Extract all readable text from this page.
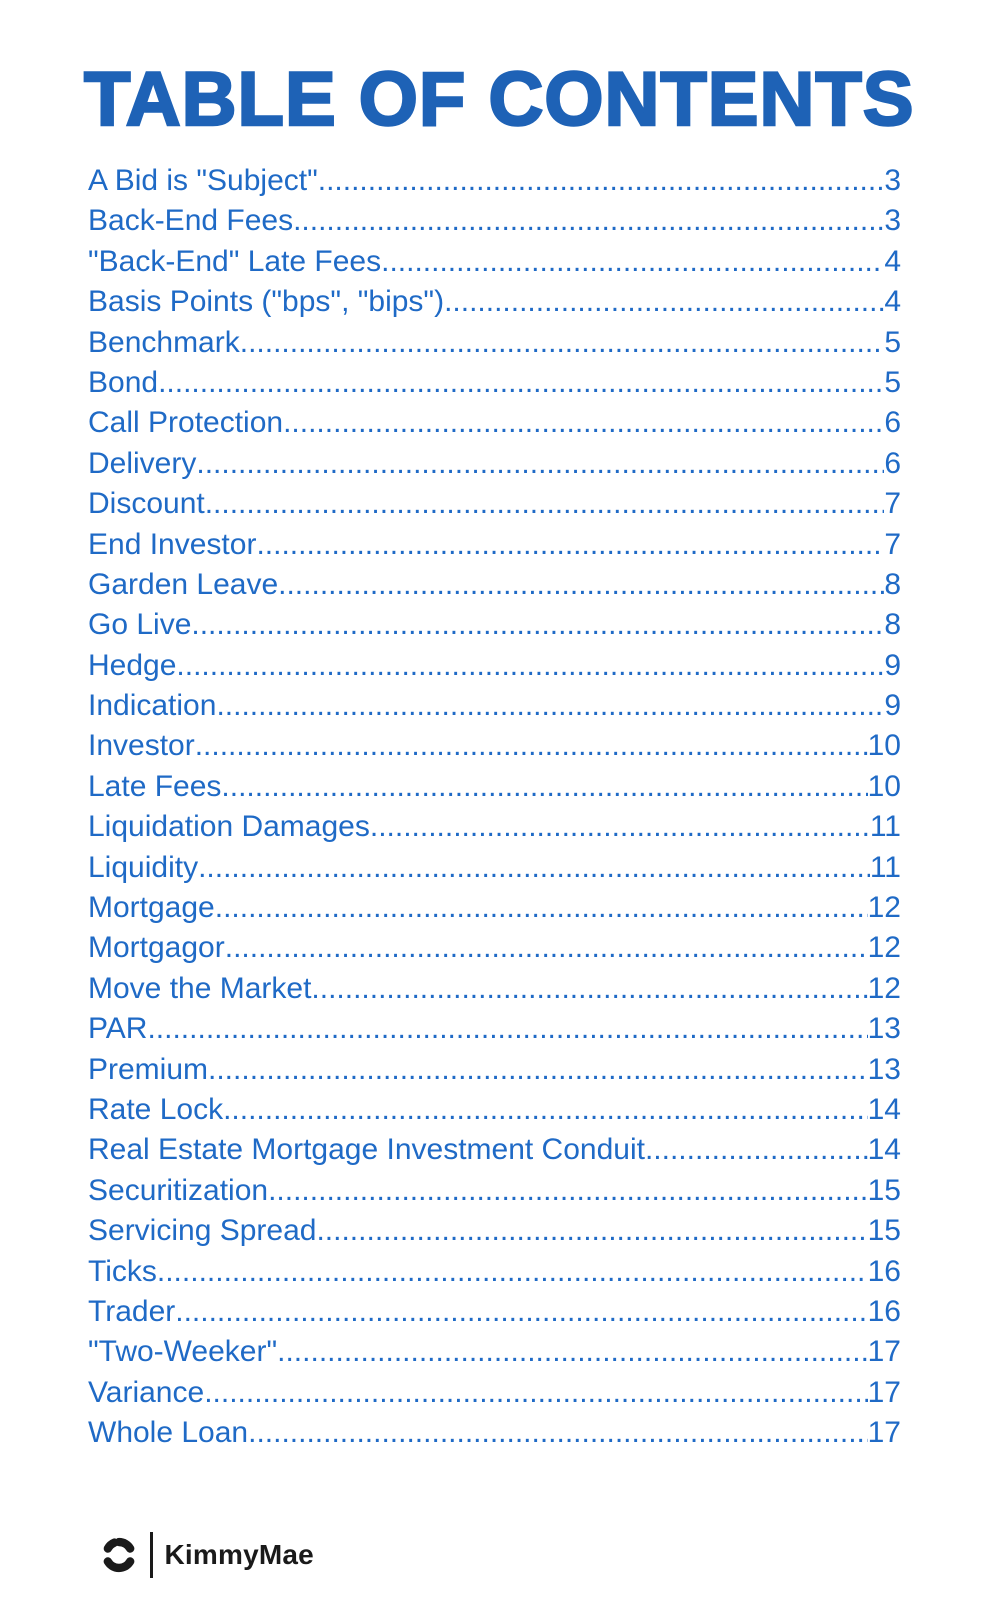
TABLE OF CONTENTS
A Bid is "Subject" .....	3
Back-End Fees .....	3
"Back-End" Late Fees .....	4
Basis Points ("bps", "bips") .....	4
Benchmark .....	5
Bond .....	5
Call Protection .....	6
Delivery .....	6
Discount .....	7
End Investor .....	7
Garden Leave .....	8
Go Live .....	8
Hedge .....	9
Indication .....	9
Investor .....	10
Late Fees .....	10
Liquidation Damages .....	11
Liquidity .....	11
Mortgage .....	12
Mortgagor .....	12
Move the Market .....	12
PAR .....	13
Premium .....	13
Rate Lock .....	14
Real Estate Mortgage Investment Conduit .....	14
Securitization .....	15
Servicing Spread .....	15
Ticks .....	16
Trader .....	16
"Two-Weeker" .....	17
Variance .....	17
Whole Loan .....	17
KimmyMae
